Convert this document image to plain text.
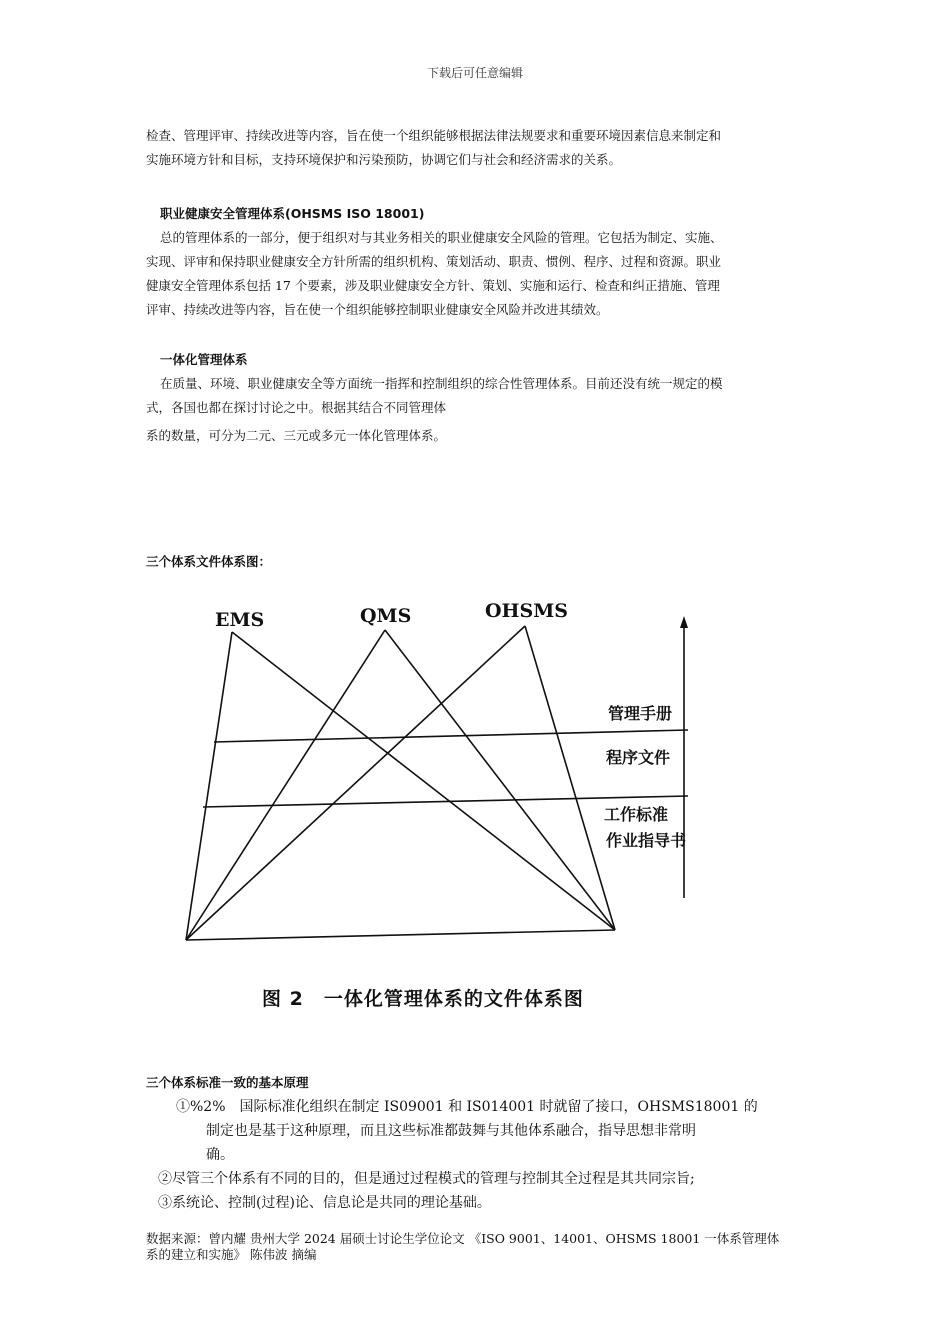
下载后可任意编辑
检查、管理评审、持续改进等内容，旨在使一个组织能够根据法律法规要求和重要环境因素信息来制定和
实施环境方针和目标，支持环境保护和污染预防，协调它们与社会和经济需求的关系。
职业健康安全管理体系(OHSMS ISO 18001)
总的管理体系的一部分，便于组织对与其业务相关的职业健康安全风险的管理。它包括为制定、实施、
实现、评审和保持职业健康安全方针所需的组织机构、策划活动、职责、惯例、程序、过程和资源。职业
健康安全管理体系包括 17 个要素，涉及职业健康安全方针、策划、实施和运行、检查和纠正措施、管理
评审、持续改进等内容，旨在使一个组织能够控制职业健康安全风险并改进其绩效。
一体化管理体系
在质量、环境、职业健康安全等方面统一指挥和控制组织的综合性管理体系。目前还没有统一规定的模
式，各国也都在探讨讨论之中。根据其结合不同管理体
系的数量，可分为二元、三元或多元一体化管理体系。
三个体系文件体系图：
EMS	QMS	OHSMS
管理手册
程序文件
工作标准
作业指导书
图 2　一体化管理体系的文件体系图
三个体系标准一致的基本原理
①%2%　国际标准化组织在制定 IS09001 和 IS014001 时就留了接口，OHSMS18001 的
制定也是基于这种原理，而且这些标准都鼓舞与其他体系融合，指导思想非常明
确。
②尽管三个体系有不同的目的，但是通过过程模式的管理与控制其全过程是其共同宗旨;
③系统论、控制(过程)论、信息论是共同的理论基础。
数据来源：曾内耀 贵州大学 2024 届硕士讨论生学位论文 《ISO 9001、14001、OHSMS 18001 一体系管理体
系的建立和实施》 陈伟波 摘编
